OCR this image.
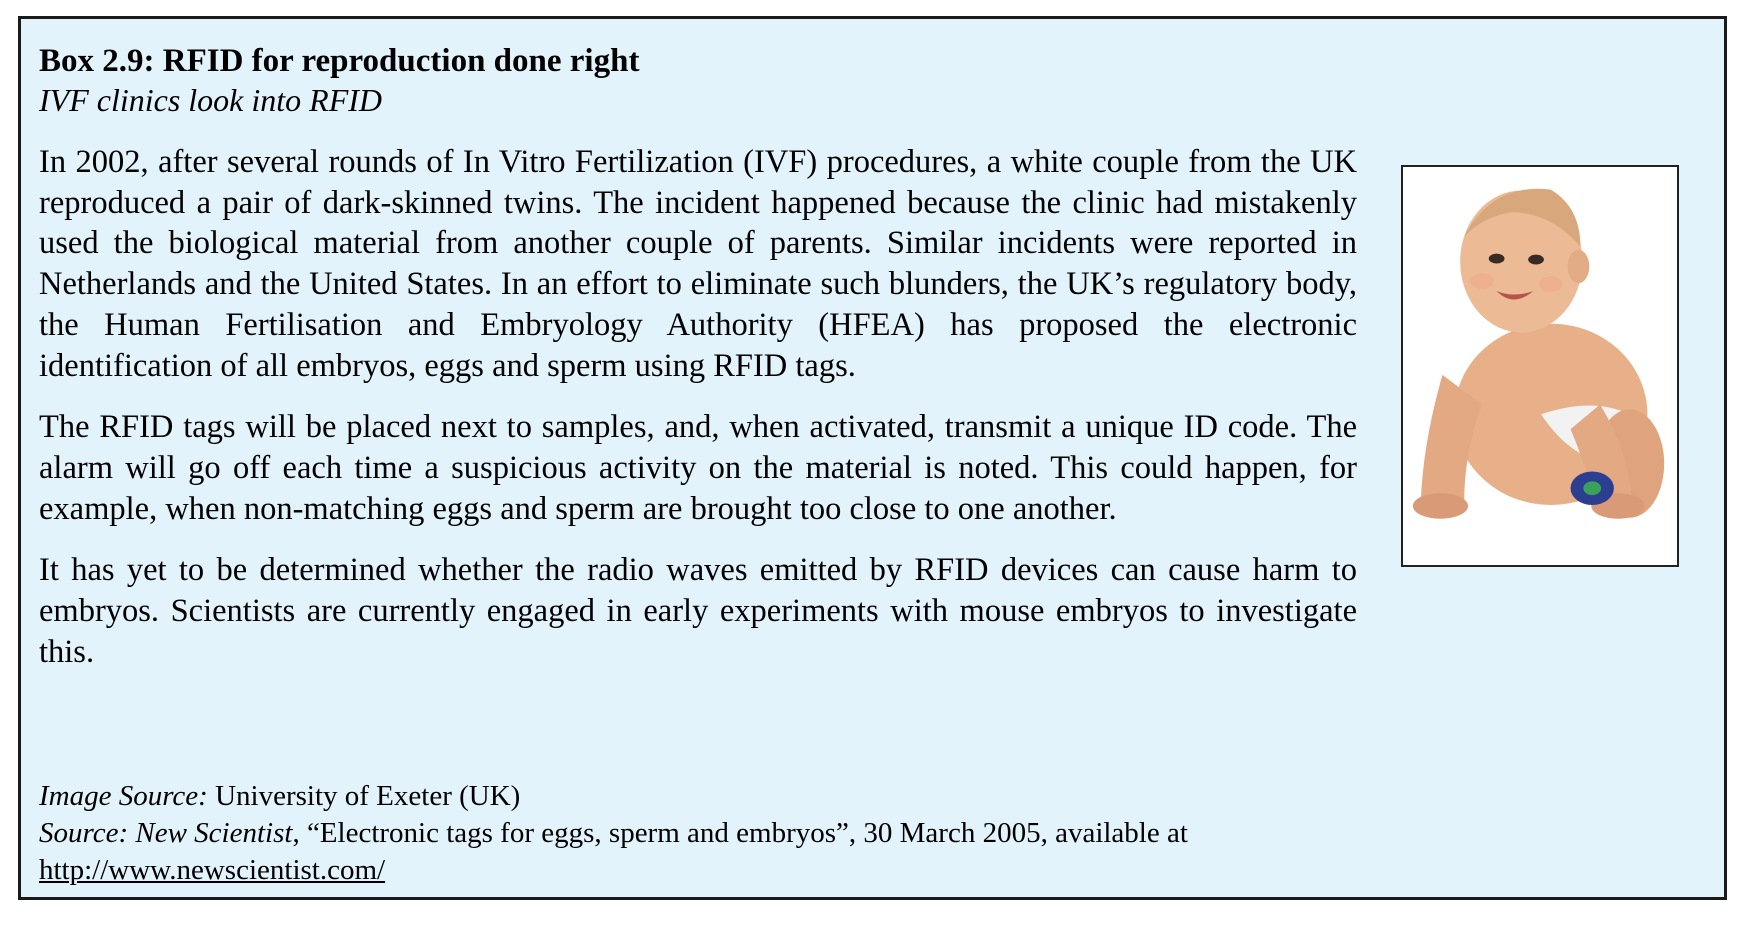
Box 2.9: RFID for reproduction done right
IVF clinics look into RFID

In 2002, after several rounds of In Vitro Fertilization (IVF) procedures, a white couple from the UK reproduced a pair of dark-skinned twins. The incident happened because the clinic had mistakenly used the biological material from another couple of parents. Similar incidents were reported in Netherlands and the United States. In an effort to eliminate such blunders, the UK’s regulatory body, the Human Fertilisation and Embryology Authority (HFEA) has proposed the electronic identification of all embryos, eggs and sperm using RFID tags.

The RFID tags will be placed next to samples, and, when activated, transmit a unique ID code. The alarm will go off each time a suspicious activity on the material is noted. This could happen, for example, when non-matching eggs and sperm are brought too close to one another.

It has yet to be determined whether the radio waves emitted by RFID devices can cause harm to embryos. Scientists are currently engaged in early experiments with mouse embryos to investigate this.

Image Source: University of Exeter (UK)
Source: New Scientist, “Electronic tags for eggs, sperm and embryos”, 30 March 2005, available at
http://www.newscientist.com/
